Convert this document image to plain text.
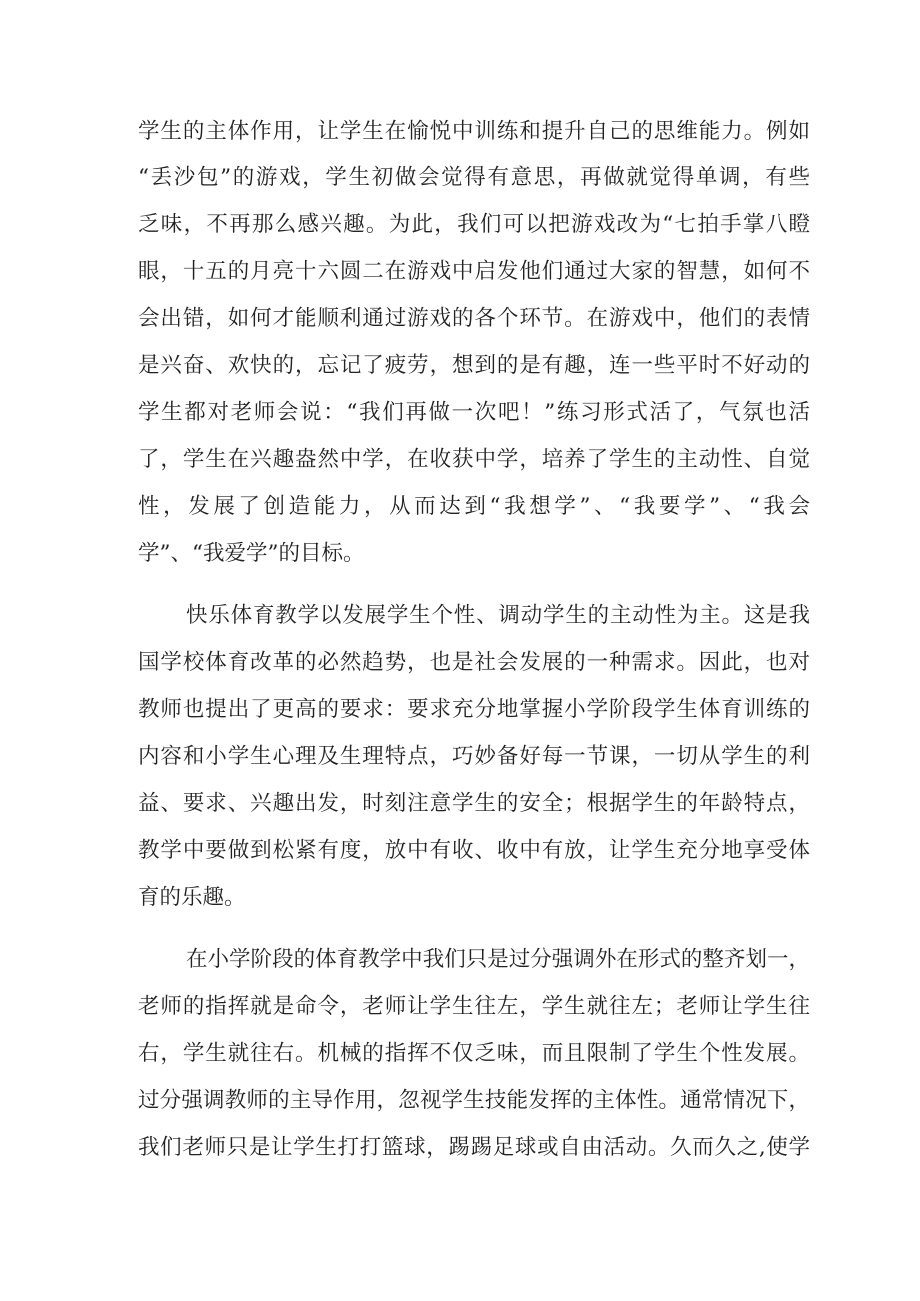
学生的主体作用，让学生在愉悦中训练和提升自己的思维能力。例如
“丢沙包”的游戏，学生初做会觉得有意思，再做就觉得单调，有些
乏味，不再那么感兴趣。为此，我们可以把游戏改为“七拍手掌八瞪
眼，十五的月亮十六圆二在游戏中启发他们通过大家的智慧，如何不
会出错，如何才能顺利通过游戏的各个环节。在游戏中，他们的表情
是兴奋、欢快的，忘记了疲劳，想到的是有趣，连一些平时不好动的
学生都对老师会说：“我们再做一次吧！”练习形式活了，气氛也活
了，学生在兴趣盎然中学，在收获中学，培养了学生的主动性、自觉
性，发展了创造能力，从而达到“我想学”、“我要学”、“我会
学”、“我爱学”的目标。
快乐体育教学以发展学生个性、调动学生的主动性为主。这是我
国学校体育改革的必然趋势，也是社会发展的一种需求。因此，也对
教师也提出了更高的要求：要求充分地掌握小学阶段学生体育训练的
内容和小学生心理及生理特点，巧妙备好每一节课，一切从学生的利
益、要求、兴趣出发，时刻注意学生的安全；根据学生的年龄特点，
教学中要做到松紧有度，放中有收、收中有放，让学生充分地享受体
育的乐趣。
在小学阶段的体育教学中我们只是过分强调外在形式的整齐划一，
老师的指挥就是命令，老师让学生往左，学生就往左；老师让学生往
右，学生就往右。机械的指挥不仅乏味，而且限制了学生个性发展。
过分强调教师的主导作用，忽视学生技能发挥的主体性。通常情况下，
我们老师只是让学生打打篮球，踢踢足球或自由活动。久而久之,使学
